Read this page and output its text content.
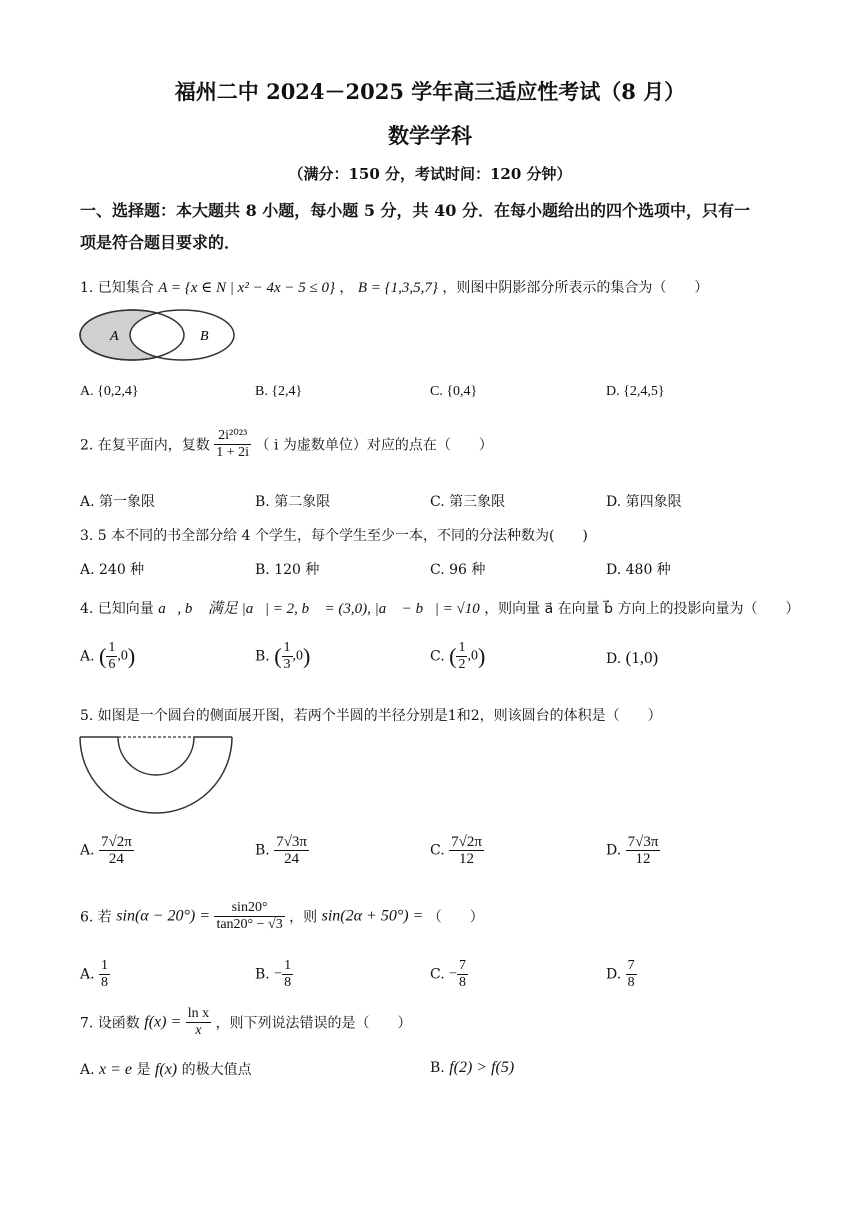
福州二中 2024－2025 学年高三适应性考试（8 月）
数学学科
（满分：150 分，考试时间：120 分钟）
一、选择题：本大题共 8 小题，每小题 5 分，共 40 分．在每小题给出的四个选项中，只有一
项是符合题目要求的．
1. 已知集合 A = {x ∈ N | x² − 4x − 5 ≤ 0} ， B = {1,3,5,7} ，则图中阴影部分所表示的集合为（　　）
A	B
A. {0,2,4}	B. {2,4}	C. {0,4}	D. {2,4,5}
2. 在复平面内，复数 $\frac{\text{2i²⁰²³}}{1 + 2i}$ （ i 为虚数单位）对应的点在（　　）
A. 第一象限	B. 第二象限	C. 第三象限	D. 第四象限
3. 5 本不同的书全部分给 4 个学生，每个学生至少一本，不同的分法种数为(　　)
A. 240 种	B. 120 种	C. 96 种	D. 480 种
4. 已知向量 a⃗, b⃗ 满足 |a⃗| = 2, b⃗ = (3,0), |a⃗ − b⃗| = √10 ，则向量 a⃗ 在向量 b⃗ 方向上的投影向量为（　　）
A. ( $\frac{1}{6} ,0$)	B. ( $\frac{1}{3} ,0$)	C. ( $\frac{1}{2} ,0$)	D. (1,0)
5. 如图是一个圆台的侧面展开图，若两个半圆的半径分别是1和2，则该圆台的体积是（　　）
A. $\frac{7√2\pi}{24}$	B. $\frac{7√3\pi}{24}$	C. $\frac{7√2\pi}{12}$	D. $\frac{7√3\pi}{12}$
6. 若 $\sin(\alpha - 20^\circ) = \frac{\sin 20^\circ}{\tan 20^\circ - √3}$ ，则 sin(2α + 50°) = （　　）
A. $\frac{1}{8}$	B. − $\frac{1}{8}$	C. − $\frac{7}{8}$	D. $\frac{7}{8}$
7. 设函数 $f(x) = \frac{\text{ln x}}{x}$ ，则下列说法错误的是（　　）
A. x = e 是 f(x) 的极大值点	B. f(2) > f(5)
